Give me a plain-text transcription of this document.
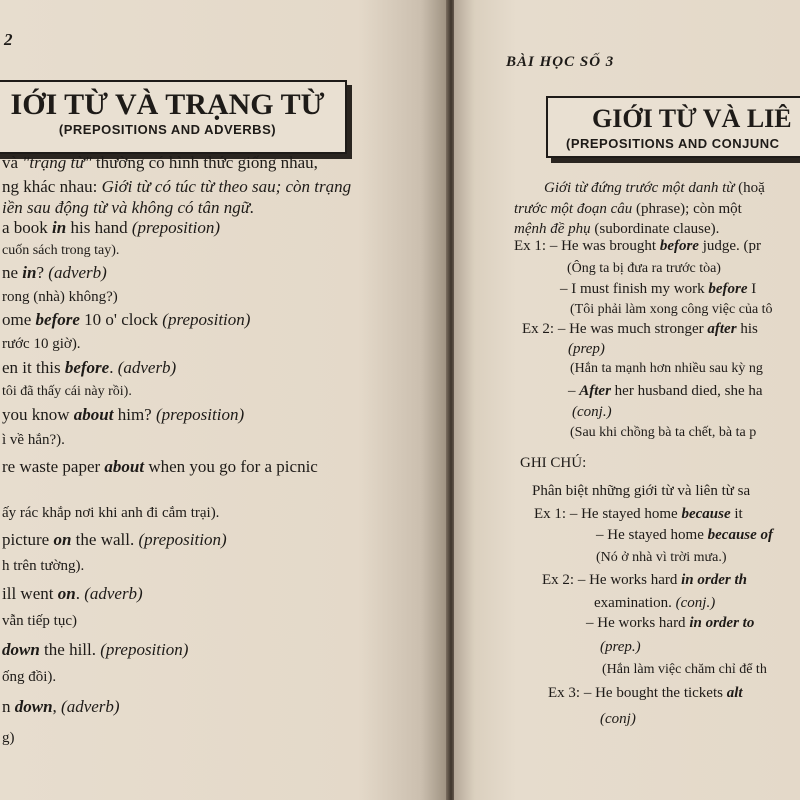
2
IỚI TỪ VÀ TRẠNG TỪ
(PREPOSITIONS AND ADVERBS)
và "trạng từ" thường có hình thức giống nhau,
ng khác nhau: Giới từ có túc từ theo sau; còn trạng
iền sau động từ và không có tân ngữ.
a book in his hand (preposition)
cuốn sách trong tay).
ne in? (adverb)
rong (nhà) không?)
ome before 10 o' clock (preposition)
rước 10 giờ).
en it this before. (adverb)
tôi đã thấy cái này rồi).
you know about him? (preposition)
ì về hắn?).
re waste paper about when you go for a picnic
ấy rác khắp nơi khi anh đi cắm trại).
picture on the wall. (preposition)
h trên tường).
ill went on. (adverb)
vẫn tiếp tục)
down the hill. (preposition)
ống đồi).
n down, (adverb)
g)
BÀI HỌC SỐ 3
GIỚI TỪ VÀ LIÊ
(PREPOSITIONS AND CONJUNC
Giới từ đứng trước một danh từ (hoặ
trước một đoạn câu (phrase); còn một
mệnh đề phụ (subordinate clause).
Ex 1: – He was brought before judge. (pr
(Ông ta bị đưa ra trước tòa)
– I must finish my work before I
(Tôi phải làm xong công việc của tô
Ex 2: – He was much stronger after his
(prep)
(Hắn ta mạnh hơn nhiều sau kỳ ng
– After her husband died, she ha
(conj.)
(Sau khi chồng bà ta chết, bà ta p
GHI CHÚ:
Phân biệt những giới từ và liên từ sa
Ex 1: – He stayed home because it
– He stayed home because of
(Nó ở nhà vì trời mưa.)
Ex 2: – He works hard in order th
examination. (conj.)
– He works hard in order to
(prep.)
(Hắn làm việc chăm chỉ để th
Ex 3: – He bought the tickets alt
(conj)
